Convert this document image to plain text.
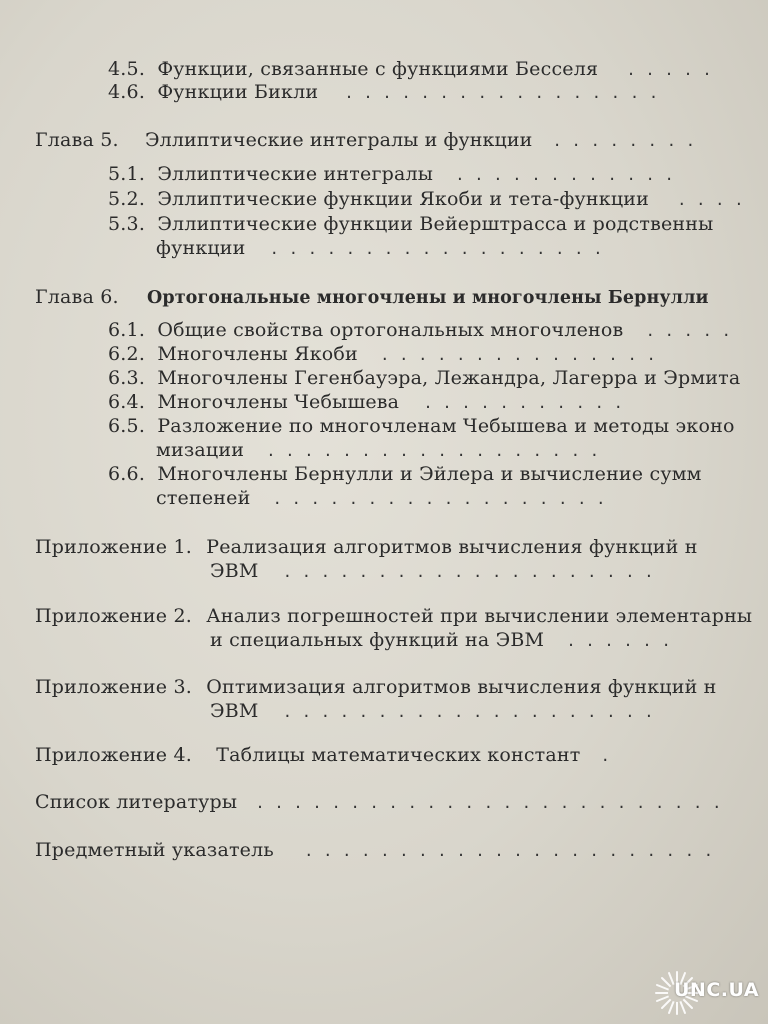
4.5. Функции, связанные с функциями Бесселя .....
4.6. Функции Бикли .................
Глава 5. Эллиптические интегралы и функции ........
5.1. Эллиптические интегралы ............
5.2. Эллиптические функции Якоби и тета-функции ....
5.3. Эллиптические функции Вейерштрасса и родственны
функции ..................
Глава 6. Ортогональные многочлены и многочлены Бернулли
6.1. Общие свойства ортогональных многочленов .....
6.2. Многочлены Якоби ...............
6.3. Многочлены Гегенбауэра, Лежандра, Лагерра и Эрмита
6.4. Многочлены Чебышева ...........
6.5. Разложение по многочленам Чебышева и методы эконо
мизации ..................
6.6. Многочлены Бернулли и Эйлера и вычисление сумм
степеней ..................
Приложение 1. Реализация алгоритмов вычисления функций н
ЭВМ ....................
Приложение 2. Анализ погрешностей при вычислении элементарны
и специальных функций на ЭВМ ......
Приложение 3. Оптимизация алгоритмов вычисления функций н
ЭВМ ....................
Приложение 4. Таблицы математических констант .
Список литературы .........................
Предметный указатель ......................
UNC.UA
